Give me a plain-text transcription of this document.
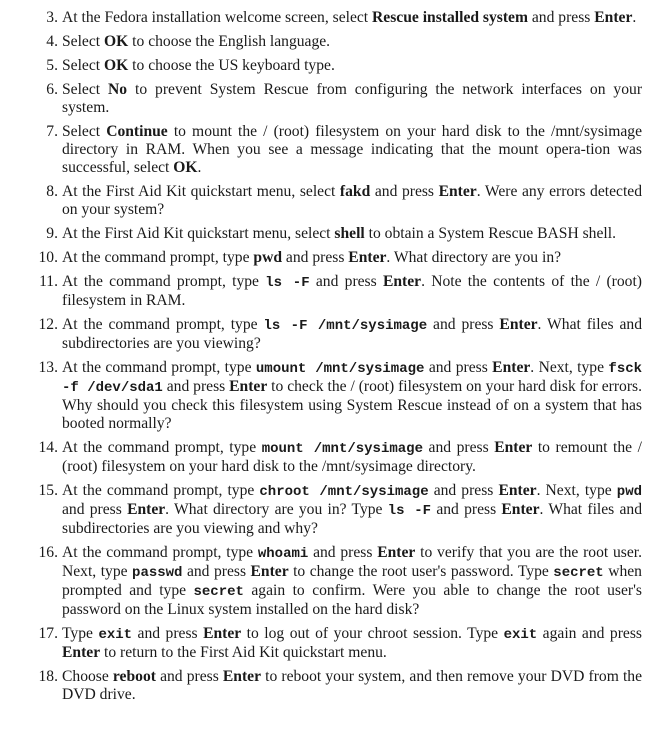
3. At the Fedora installation welcome screen, select Rescue installed system and press Enter.
4. Select OK to choose the English language.
5. Select OK to choose the US keyboard type.
6. Select No to prevent System Rescue from configuring the network interfaces on your system.
7. Select Continue to mount the / (root) filesystem on your hard disk to the /mnt/sysimage directory in RAM. When you see a message indicating that the mount opera-tion was successful, select OK.
8. At the First Aid Kit quickstart menu, select fakd and press Enter. Were any errors detected on your system?
9. At the First Aid Kit quickstart menu, select shell to obtain a System Rescue BASH shell.
10. At the command prompt, type pwd and press Enter. What directory are you in?
11. At the command prompt, type ls -F and press Enter. Note the contents of the / (root) filesystem in RAM.
12. At the command prompt, type ls -F /mnt/sysimage and press Enter. What files and subdirectories are you viewing?
13. At the command prompt, type umount /mnt/sysimage and press Enter. Next, type fsck -f /dev/sda1 and press Enter to check the / (root) filesystem on your hard disk for errors. Why should you check this filesystem using System Rescue instead of on a system that has booted normally?
14. At the command prompt, type mount /mnt/sysimage and press Enter to remount the / (root) filesystem on your hard disk to the /mnt/sysimage directory.
15. At the command prompt, type chroot /mnt/sysimage and press Enter. Next, type pwd and press Enter. What directory are you in? Type ls -F and press Enter. What files and subdirectories are you viewing and why?
16. At the command prompt, type whoami and press Enter to verify that you are the root user. Next, type passwd and press Enter to change the root user's password. Type secret when prompted and type secret again to confirm. Were you able to change the root user's password on the Linux system installed on the hard disk?
17. Type exit and press Enter to log out of your chroot session. Type exit again and press Enter to return to the First Aid Kit quickstart menu.
18. Choose reboot and press Enter to reboot your system, and then remove your DVD from the DVD drive.
